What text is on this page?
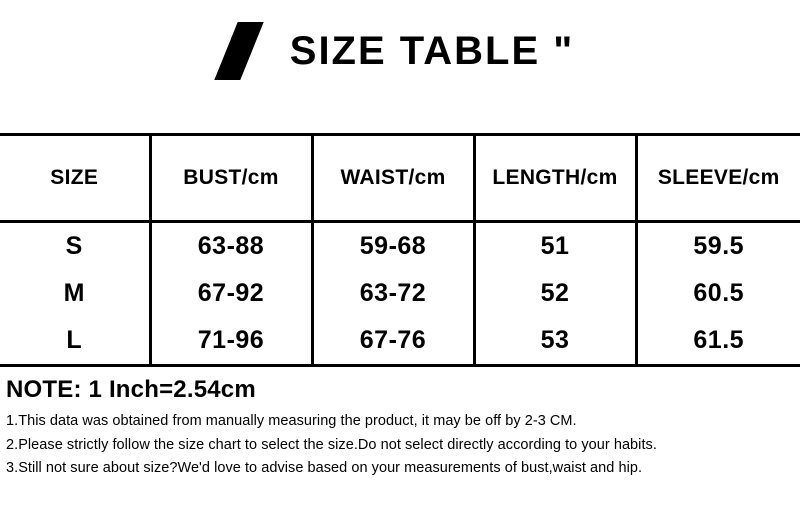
SIZE TABLE "
SIZE	BUST/cm	WAIST/cm	LENGTH/cm	SLEEVE/cm
S	63-88	59-68	51	59.5
M	67-92	63-72	52	60.5
L	71-96	67-76	53	61.5
NOTE: 1 Inch=2.54cm
1.This data was obtained from manually measuring the product, it may be off by 2-3 CM.
2.Please strictly follow the size chart to select the size.Do not select directly according to your habits.
3.Still not sure about size?We'd love to advise based on your measurements of bust,waist and hip.
